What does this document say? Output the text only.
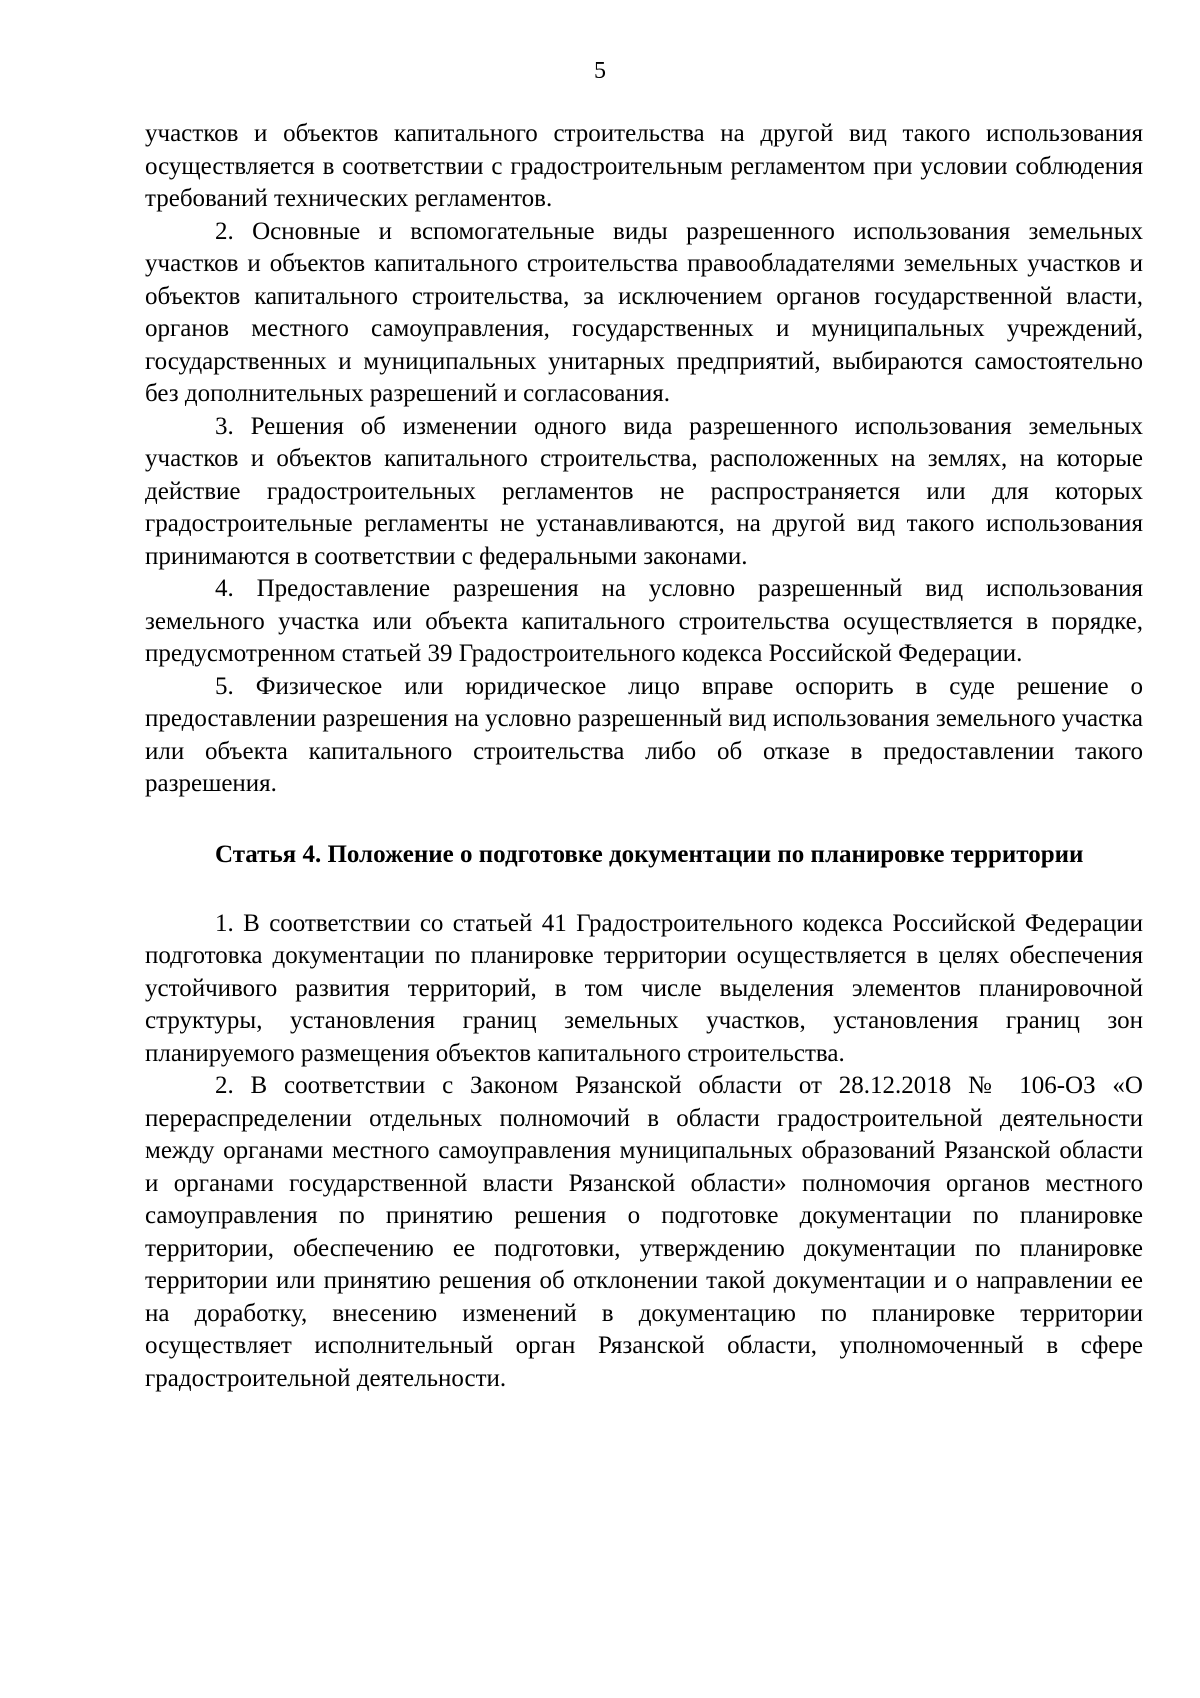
5

участков и объектов капитального строительства на другой вид такого использования осуществляется в соответствии с градостроительным регламентом при условии соблюдения требований технических регламентов.

2. Основные и вспомогательные виды разрешенного использования земельных участков и объектов капитального строительства правообладателями земельных участков и объектов капитального строительства, за исключением органов государственной власти, органов местного самоуправления, государственных и муниципальных учреждений, государственных и муниципальных унитарных предприятий, выбираются самостоятельно без дополнительных разрешений и согласования.

3. Решения об изменении одного вида разрешенного использования земельных участков и объектов капитального строительства, расположенных на землях, на которые действие градостроительных регламентов не распространяется или для которых градостроительные регламенты не устанавливаются, на другой вид такого использования принимаются в соответствии с федеральными законами.

4. Предоставление разрешения на условно разрешенный вид использования земельного участка или объекта капитального строительства осуществляется в порядке, предусмотренном статьей 39 Градостроительного кодекса Российской Федерации.

5. Физическое или юридическое лицо вправе оспорить в суде решение о предоставлении разрешения на условно разрешенный вид использования земельного участка или объекта капитального строительства либо об отказе в предоставлении такого разрешения.

Статья 4. Положение о подготовке документации по планировке территории

1. В соответствии со статьей 41 Градостроительного кодекса Российской Федерации подготовка документации по планировке территории осуществляется в целях обеспечения устойчивого развития территорий, в том числе выделения элементов планировочной структуры, установления границ земельных участков, установления границ зон планируемого размещения объектов капитального строительства.

2. В соответствии с Законом Рязанской области от 28.12.2018 № 106-ОЗ «О перераспределении отдельных полномочий в области градостроительной деятельности между органами местного самоуправления муниципальных образований Рязанской области и органами государственной власти Рязанской области» полномочия органов местного самоуправления по принятию решения о подготовке документации по планировке территории, обеспечению ее подготовки, утверждению документации по планировке территории или принятию решения об отклонении такой документации и о направлении ее на доработку, внесению изменений в документацию по планировке территории осуществляет исполнительный орган Рязанской области, уполномоченный в сфере градостроительной деятельности.
